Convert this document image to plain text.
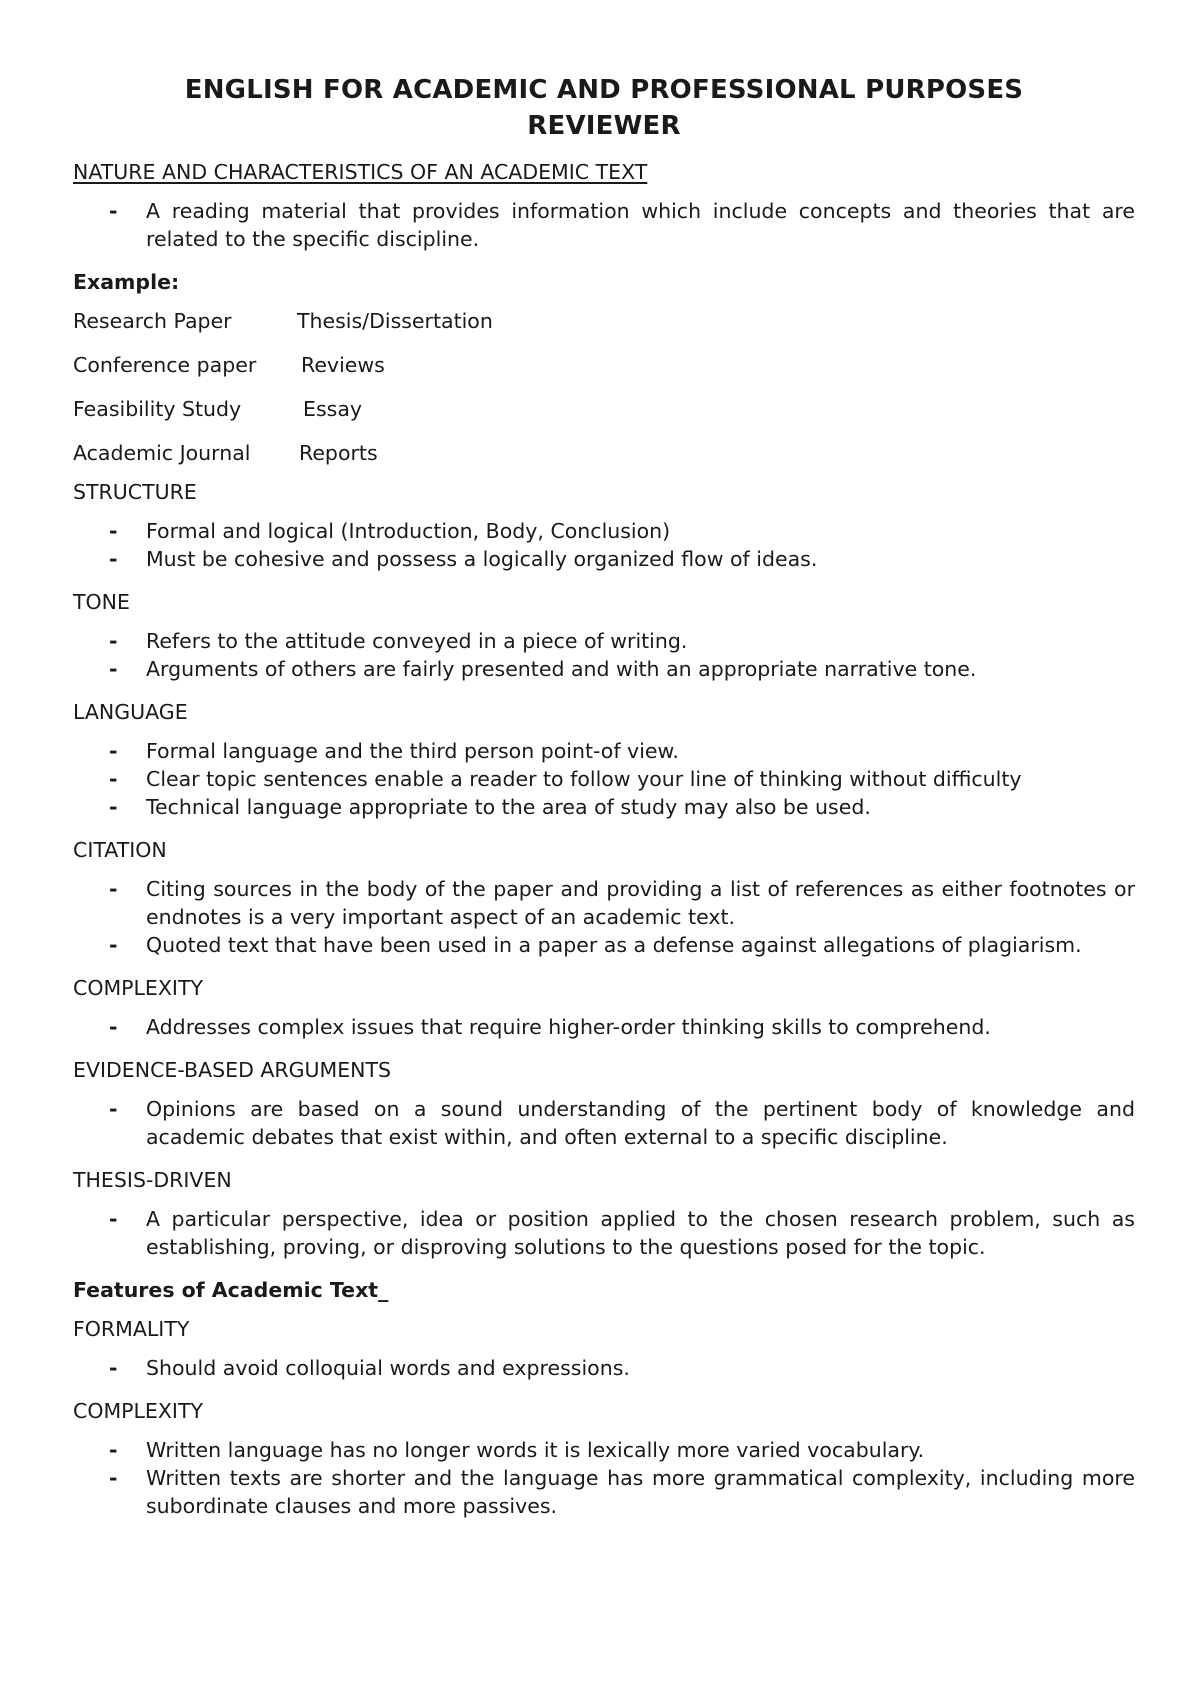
ENGLISH FOR ACADEMIC AND PROFESSIONAL PURPOSES
REVIEWER
NATURE AND CHARACTERISTICS OF AN ACADEMIC TEXT
- A reading material that provides information which include concepts and theories that are related to the specific discipline.
Example:
Research Paper	Thesis/Dissertation
Conference paper	Reviews
Feasibility Study	Essay
Academic Journal	Reports
STRUCTURE
- Formal and logical (Introduction, Body, Conclusion)
- Must be cohesive and possess a logically organized flow of ideas.
TONE
- Refers to the attitude conveyed in a piece of writing.
- Arguments of others are fairly presented and with an appropriate narrative tone.
LANGUAGE
- Formal language and the third person point-of view.
- Clear topic sentences enable a reader to follow your line of thinking without difficulty
- Technical language appropriate to the area of study may also be used.
CITATION
- Citing sources in the body of the paper and providing a list of references as either footnotes or endnotes is a very important aspect of an academic text.
- Quoted text that have been used in a paper as a defense against allegations of plagiarism.
COMPLEXITY
- Addresses complex issues that require higher-order thinking skills to comprehend.
EVIDENCE-BASED ARGUMENTS
- Opinions are based on a sound understanding of the pertinent body of knowledge and academic debates that exist within, and often external to a specific discipline.
THESIS-DRIVEN
- A particular perspective, idea or position applied to the chosen research problem, such as establishing, proving, or disproving solutions to the questions posed for the topic.
Features of Academic Text_
FORMALITY
- Should avoid colloquial words and expressions.
COMPLEXITY
- Written language has no longer words it is lexically more varied vocabulary.
- Written texts are shorter and the language has more grammatical complexity, including more subordinate clauses and more passives.
